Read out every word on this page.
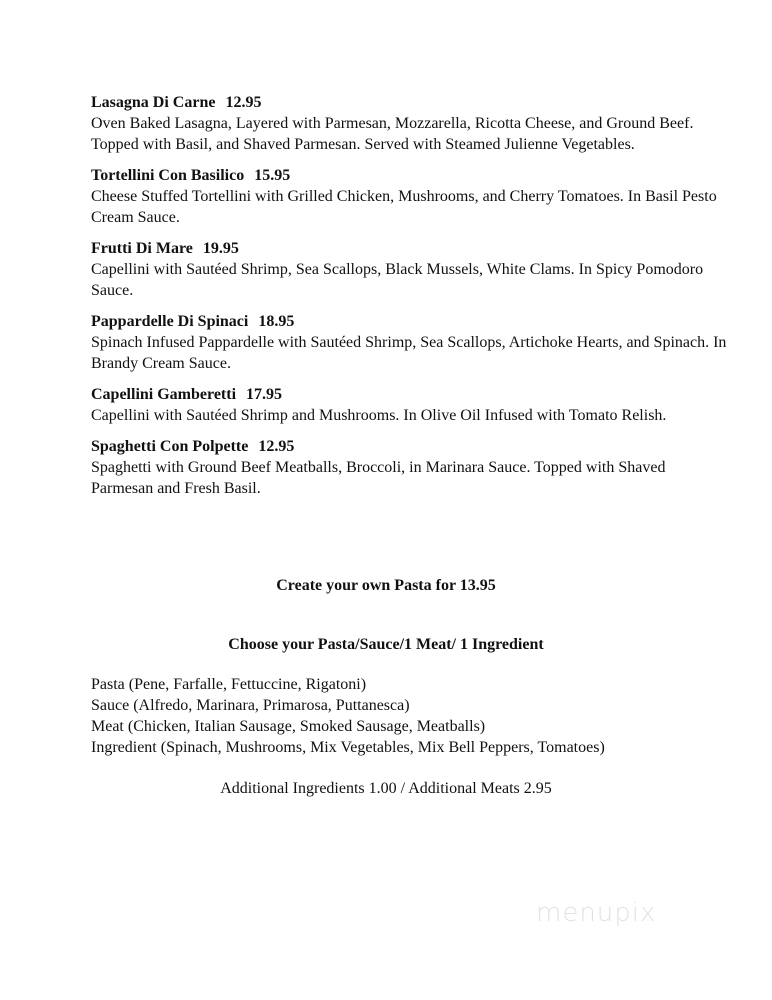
Lasagna Di Carne 12.95
Oven Baked Lasagna, Layered with Parmesan, Mozzarella, Ricotta Cheese, and Ground Beef. Topped with Basil, and Shaved Parmesan. Served with Steamed Julienne Vegetables.
Tortellini Con Basilico 15.95
Cheese Stuffed Tortellini with Grilled Chicken, Mushrooms, and Cherry Tomatoes. In Basil Pesto Cream Sauce.
Frutti Di Mare 19.95
Capellini with Sautéed Shrimp, Sea Scallops, Black Mussels, White Clams. In Spicy Pomodoro Sauce.
Pappardelle Di Spinaci 18.95
Spinach Infused Pappardelle with Sautéed Shrimp, Sea Scallops, Artichoke Hearts, and Spinach. In Brandy Cream Sauce.
Capellini Gamberetti 17.95
Capellini with Sautéed Shrimp and Mushrooms. In Olive Oil Infused with Tomato Relish.
Spaghetti Con Polpette 12.95
Spaghetti with Ground Beef Meatballs, Broccoli, in Marinara Sauce. Topped with Shaved Parmesan and Fresh Basil.
Create your own Pasta for 13.95
Choose your Pasta/Sauce/1 Meat/ 1 Ingredient
Pasta (Pene, Farfalle, Fettuccine, Rigatoni)
Sauce (Alfredo, Marinara, Primarosa, Puttanesca)
Meat (Chicken, Italian Sausage, Smoked Sausage, Meatballs)
Ingredient (Spinach, Mushrooms, Mix Vegetables, Mix Bell Peppers, Tomatoes)
Additional Ingredients 1.00 / Additional Meats 2.95
menupix
